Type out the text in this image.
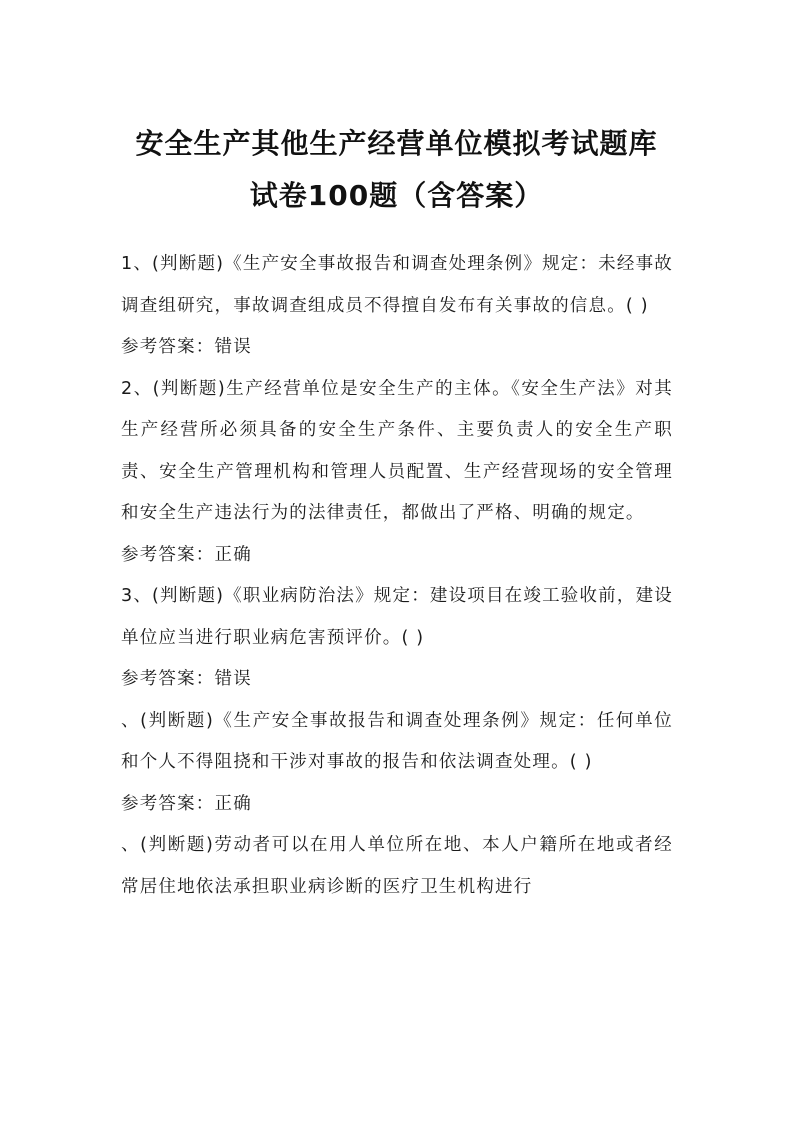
安全生产其他生产经营单位模拟考试题库
试卷100题（含答案）

1、(判断题)《生产安全事故报告和调查处理条例》规定：未经事故调查组研究，事故调查组成员不得擅自发布有关事故的信息。( )

参考答案：错误

2、(判断题)生产经营单位是安全生产的主体。《安全生产法》对其生产经营所必须具备的安全生产条件、主要负责人的安全生产职责、安全生产管理机构和管理人员配置、生产经营现场的安全管理和安全生产违法行为的法律责任，都做出了严格、明确的规定。

参考答案：正确

3、(判断题)《职业病防治法》规定：建设项目在竣工验收前，建设单位应当进行职业病危害预评价。( )

参考答案：错误

、(判断题)《生产安全事故报告和调查处理条例》规定：任何单位和个人不得阻挠和干涉对事故的报告和依法调查处理。( )

参考答案：正确

、(判断题)劳动者可以在用人单位所在地、本人户籍所在地或者经常居住地依法承担职业病诊断的医疗卫生机构进行
